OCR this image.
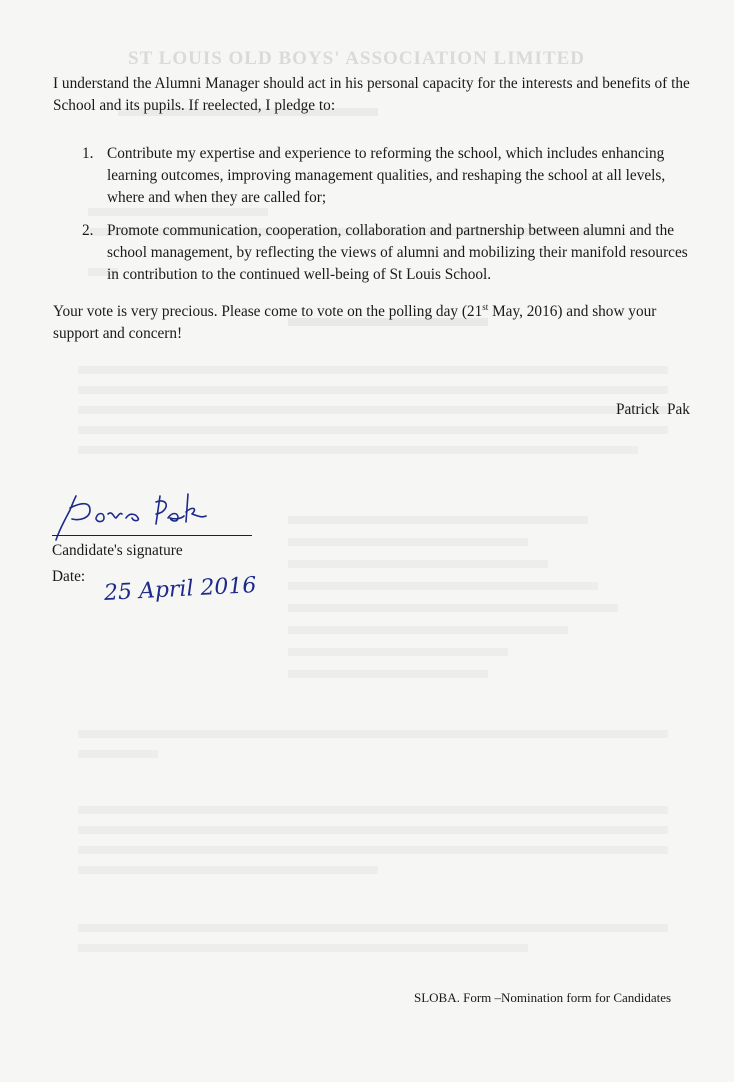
ST LOUIS OLD BOYS' ASSOCIATION LIMITED
I understand the Alumni Manager should act in his personal capacity for the interests and benefits of the School and its pupils. If reelected, I pledge to:
1. Contribute my expertise and experience to reforming the school, which includes enhancing learning outcomes, improving management qualities, and reshaping the school at all levels, where and when they are called for;
2. Promote communication, cooperation, collaboration and partnership between alumni and the school management, by reflecting the views of alumni and mobilizing their manifold resources in contribution to the continued well-being of St Louis School.
Your vote is very precious. Please come to vote on the polling day (21st May, 2016) and show your support and concern!
Patrick  Pak
Patrick Pak
Candidate's signature
Date: 25 April 2016
SLOBA. Form –Nomination form for Candidates
